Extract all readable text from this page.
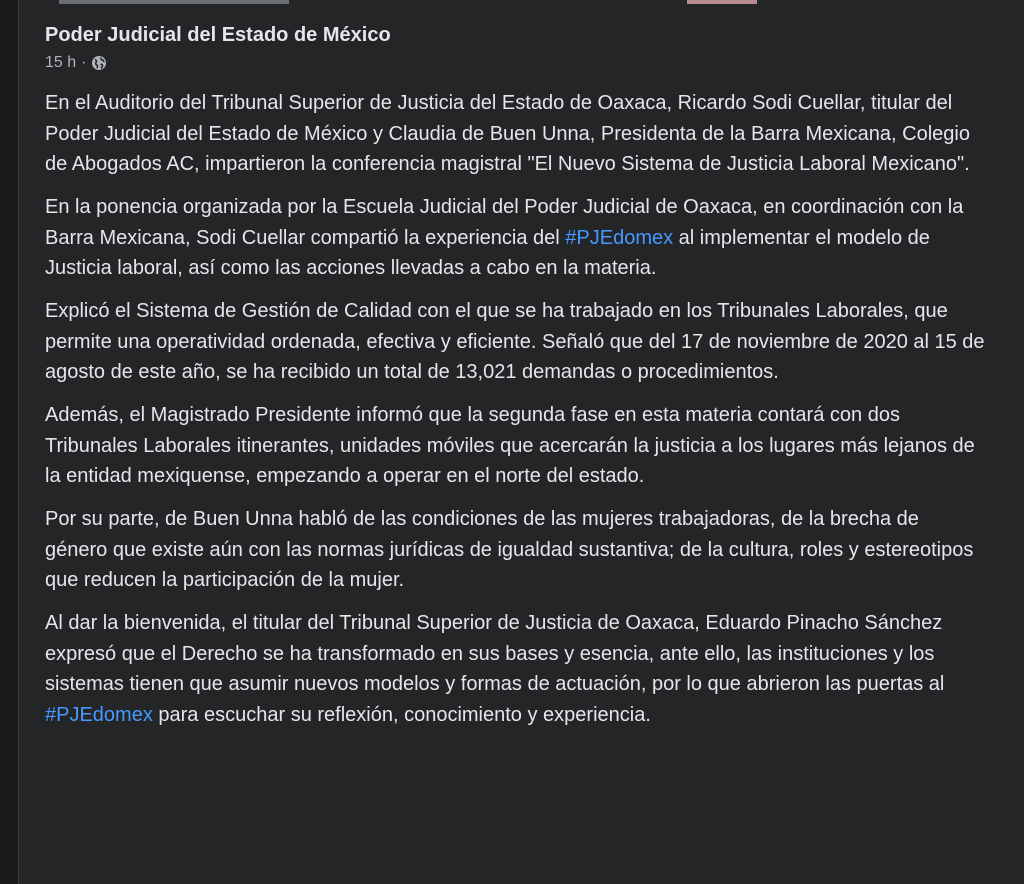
Poder Judicial del Estado de México
15 h ·

En el Auditorio del Tribunal Superior de Justicia del Estado de Oaxaca, Ricardo Sodi Cuellar, titular del Poder Judicial del Estado de México y Claudia de Buen Unna, Presidenta de la Barra Mexicana, Colegio de Abogados AC, impartieron la conferencia magistral "El Nuevo Sistema de Justicia Laboral Mexicano".

En la ponencia organizada por la Escuela Judicial del Poder Judicial de Oaxaca, en coordinación con la Barra Mexicana, Sodi Cuellar compartió la experiencia del #PJEdomex al implementar el modelo de Justicia laboral, así como las acciones llevadas a cabo en la materia.

Explicó el Sistema de Gestión de Calidad con el que se ha trabajado en los Tribunales Laborales, que permite una operatividad ordenada, efectiva y eficiente. Señaló que del 17 de noviembre de 2020 al 15 de agosto de este año, se ha recibido un total de 13,021 demandas o procedimientos.

Además, el Magistrado Presidente informó que la segunda fase en esta materia contará con dos Tribunales Laborales itinerantes, unidades móviles que acercarán la justicia a los lugares más lejanos de la entidad mexiquense, empezando a operar en el norte del estado.

Por su parte, de Buen Unna habló de las condiciones de las mujeres trabajadoras, de la brecha de género que existe aún con las normas jurídicas de igualdad sustantiva; de la cultura, roles y estereotipos que reducen la participación de la mujer.

Al dar la bienvenida, el titular del Tribunal Superior de Justicia de Oaxaca, Eduardo Pinacho Sánchez expresó que el Derecho se ha transformado en sus bases y esencia, ante ello, las instituciones y los sistemas tienen que asumir nuevos modelos y formas de actuación, por lo que abrieron las puertas al #PJEdomex para escuchar su reflexión, conocimiento y experiencia.
